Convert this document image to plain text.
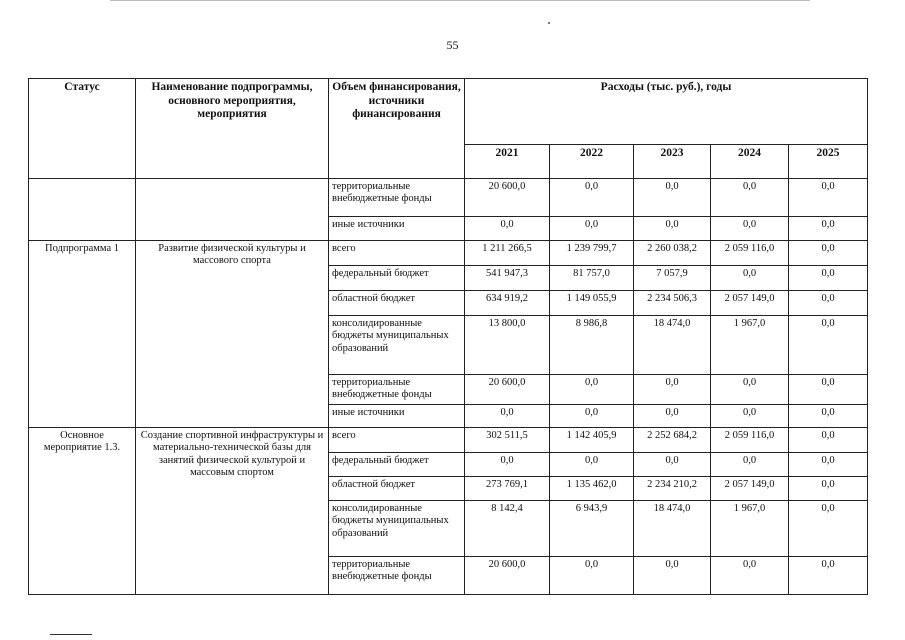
55
Статус	Наименование подпрограммы, основного мероприятия, мероприятия	Объем финансирования, источники финансирования	Расходы (тыс. руб.), годы				
			2021	2022	2023	2024	2025
		территориальные внебюджетные фонды	20 600,0	0,0	0,0	0,0	0,0
		иные источники	0,0	0,0	0,0	0,0	0,0
Подпрограмма 1	Развитие физической культуры и массового спорта	всего	1 211 266,5	1 239 799,7	2 260 038,2	2 059 116,0	0,0
		федеральный бюджет	541 947,3	81 757,0	7 057,9	0,0	0,0
		областной бюджет	634 919,2	1 149 055,9	2 234 506,3	2 057 149,0	0,0
		консолидированные бюджеты муниципальных образований	13 800,0	8 986,8	18 474,0	1 967,0	0,0
		территориальные внебюджетные фонды	20 600,0	0,0	0,0	0,0	0,0
		иные источники	0,0	0,0	0,0	0,0	0,0
Основное мероприятие 1.3.	Создание спортивной инфраструктуры и материально-технической базы для занятий физической культурой и массовым спортом	всего	302 511,5	1 142 405,9	2 252 684,2	2 059 116,0	0,0
		федеральный бюджет	0,0	0,0	0,0	0,0	0,0
		областной бюджет	273 769,1	1 135 462,0	2 234 210,2	2 057 149,0	0,0
		консолидированные бюджеты муниципальных образований	8 142,4	6 943,9	18 474,0	1 967,0	0,0
		территориальные внебюджетные фонды	20 600,0	0,0	0,0	0,0	0,0
